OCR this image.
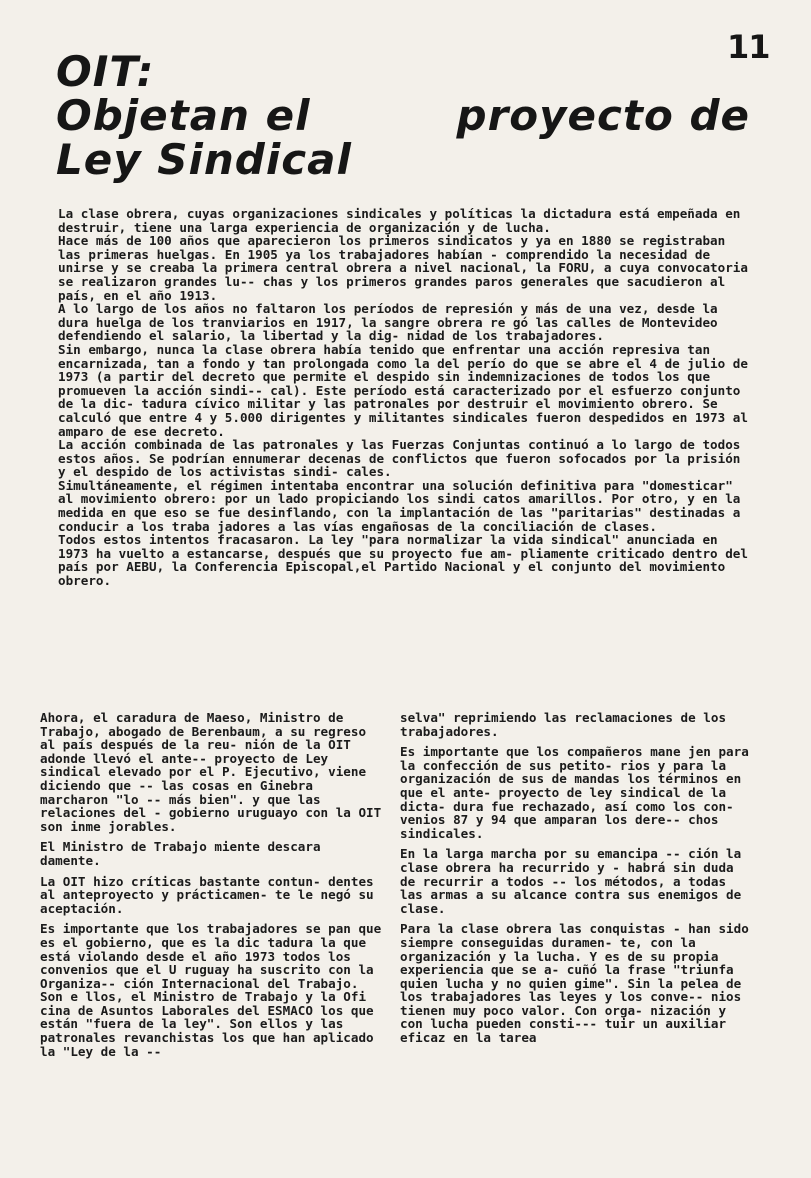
11
OIT:
Objetan el	proyecto de
Ley Sindical

La clase obrera, cuyas organizaciones sindicales y políticas la dictadura está empeñada en destruir, tiene una larga experiencia de organización y de lucha.

Hace más de 100 años que aparecieron los primeros sindicatos y ya en 1880 se registraban las primeras huelgas. En 1905 ya los trabajadores habían - comprendido la necesidad de unirse y se creaba la primera central obrera a nivel nacional, la FORU, a cuya convocatoria se realizaron grandes lu-- chas y los primeros grandes paros generales que sacudieron al país, en el año 1913.

A lo largo de los años no faltaron los períodos de represión y más de una vez, desde la dura huelga de los tranviarios en 1917, la sangre obrera re gó las calles de Montevideo defendiendo el salario, la libertad y la dig- nidad de los trabajadores.

Sin embargo, nunca la clase obrera había tenido que enfrentar una acción represiva tan encarnizada, tan a fondo y tan prolongada como la del perío do que se abre el 4 de julio de 1973 (a partir del decreto que permite el despido sin indemnizaciones de todos los que promueven la acción sindi-- cal). Este período está caracterizado por el esfuerzo conjunto de la dic- tadura cívico militar y las patronales por destruir el movimiento obrero. Se calculó que entre 4 y 5.000 dirigentes y militantes sindicales fueron despedidos en 1973 al amparo de ese decreto.

La acción combinada de las patronales y las Fuerzas Conjuntas continuó a lo largo de todos estos años. Se podrían ennumerar decenas de conflictos que fueron sofocados por la prisión y el despido de los activistas sindi- cales.

Simultáneamente, el régimen intentaba encontrar una solución definitiva para "domesticar" al movimiento obrero: por un lado propiciando los sindi catos amarillos. Por otro, y en la medida en que eso se fue desinflando, con la implantación de las "paritarias" destinadas a conducir a los traba jadores a las vías engañosas de la conciliación de clases.

Todos estos intentos fracasaron. La ley "para normalizar la vida sindical" anunciada en 1973 ha vuelto a estancarse, después que su proyecto fue am- pliamente criticado dentro del país por AEBU, la Conferencia Episcopal,el Partido Nacional y el conjunto del movimiento obrero.

Ahora, el caradura de Maeso, Ministro de Trabajo, abogado de Berenbaum, a su regreso al país después de la reu- nión de la OIT adonde llevó el ante-- proyecto de Ley sindical elevado por el P. Ejecutivo, viene diciendo que -- las cosas en Ginebra marcharon "lo -- más bien". y que las relaciones del - gobierno uruguayo con la OIT son inme jorables.

El Ministro de Trabajo miente descara damente.

La OIT hizo críticas bastante contun- dentes al anteproyecto y prácticamen- te le negó su aceptación.

Es importante que los trabajadores se pan que es el gobierno, que es la dic tadura la que está violando desde el año 1973 todos los convenios que el U ruguay ha suscrito con la Organiza-- ción Internacional del Trabajo. Son e llos, el Ministro de Trabajo y la Ofi cina de Asuntos Laborales del ESMACO los que están "fuera de la ley". Son ellos y las patronales revanchistas los que han aplicado la "Ley de la --

selva" reprimiendo las reclamaciones de los trabajadores.

Es importante que los compañeros mane jen para la confección de sus petito- rios y para la organización de sus de mandas los términos en que el ante- proyecto de ley sindical de la dicta- dura fue rechazado, así como los con- venios 87 y 94 que amparan los dere-- chos sindicales.

En la larga marcha por su emancipa -- ción la clase obrera ha recurrido y - habrá sin duda de recurrir a todos -- los métodos, a todas las armas a su alcance contra sus enemigos de clase.

Para la clase obrera las conquistas - han sido siempre conseguidas duramen- te, con la organización y la lucha. Y es de su propia experiencia que se a- cuñó la frase "triunfa quien lucha y no quien gime". Sin la pelea de los trabajadores las leyes y los conve-- nios tienen muy poco valor. Con orga- nización y con lucha pueden consti--- tuir un auxiliar eficaz en la tarea
